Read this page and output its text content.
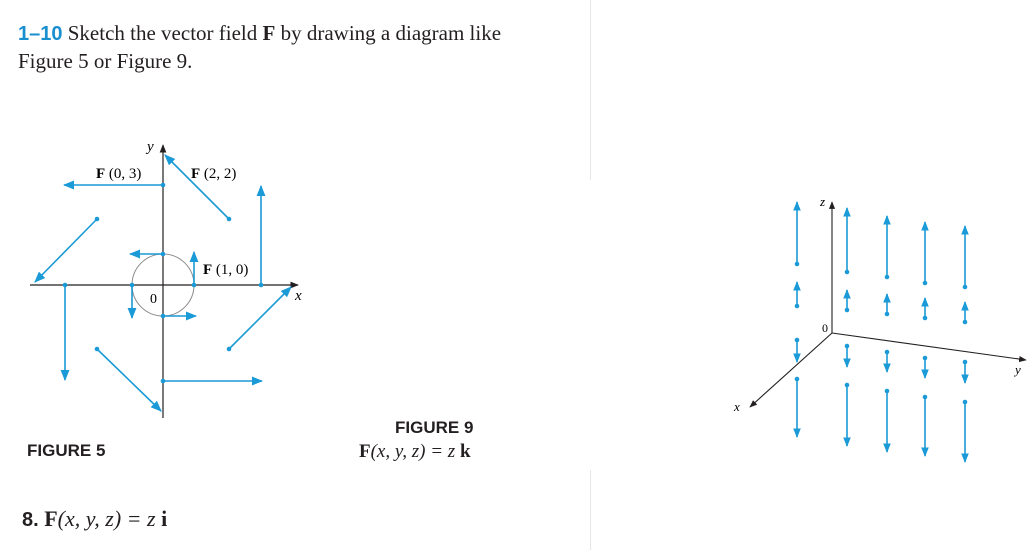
1–10 Sketch the vector field F by drawing a diagram like
Figure 5 or Figure 9.
y
x
0
F (0, 3)	F (2, 2)
F (1, 0)
FIGURE 5
FIGURE 9
F(x, y, z) = z k
z
y
x
0
8. F(x, y, z) = z i
